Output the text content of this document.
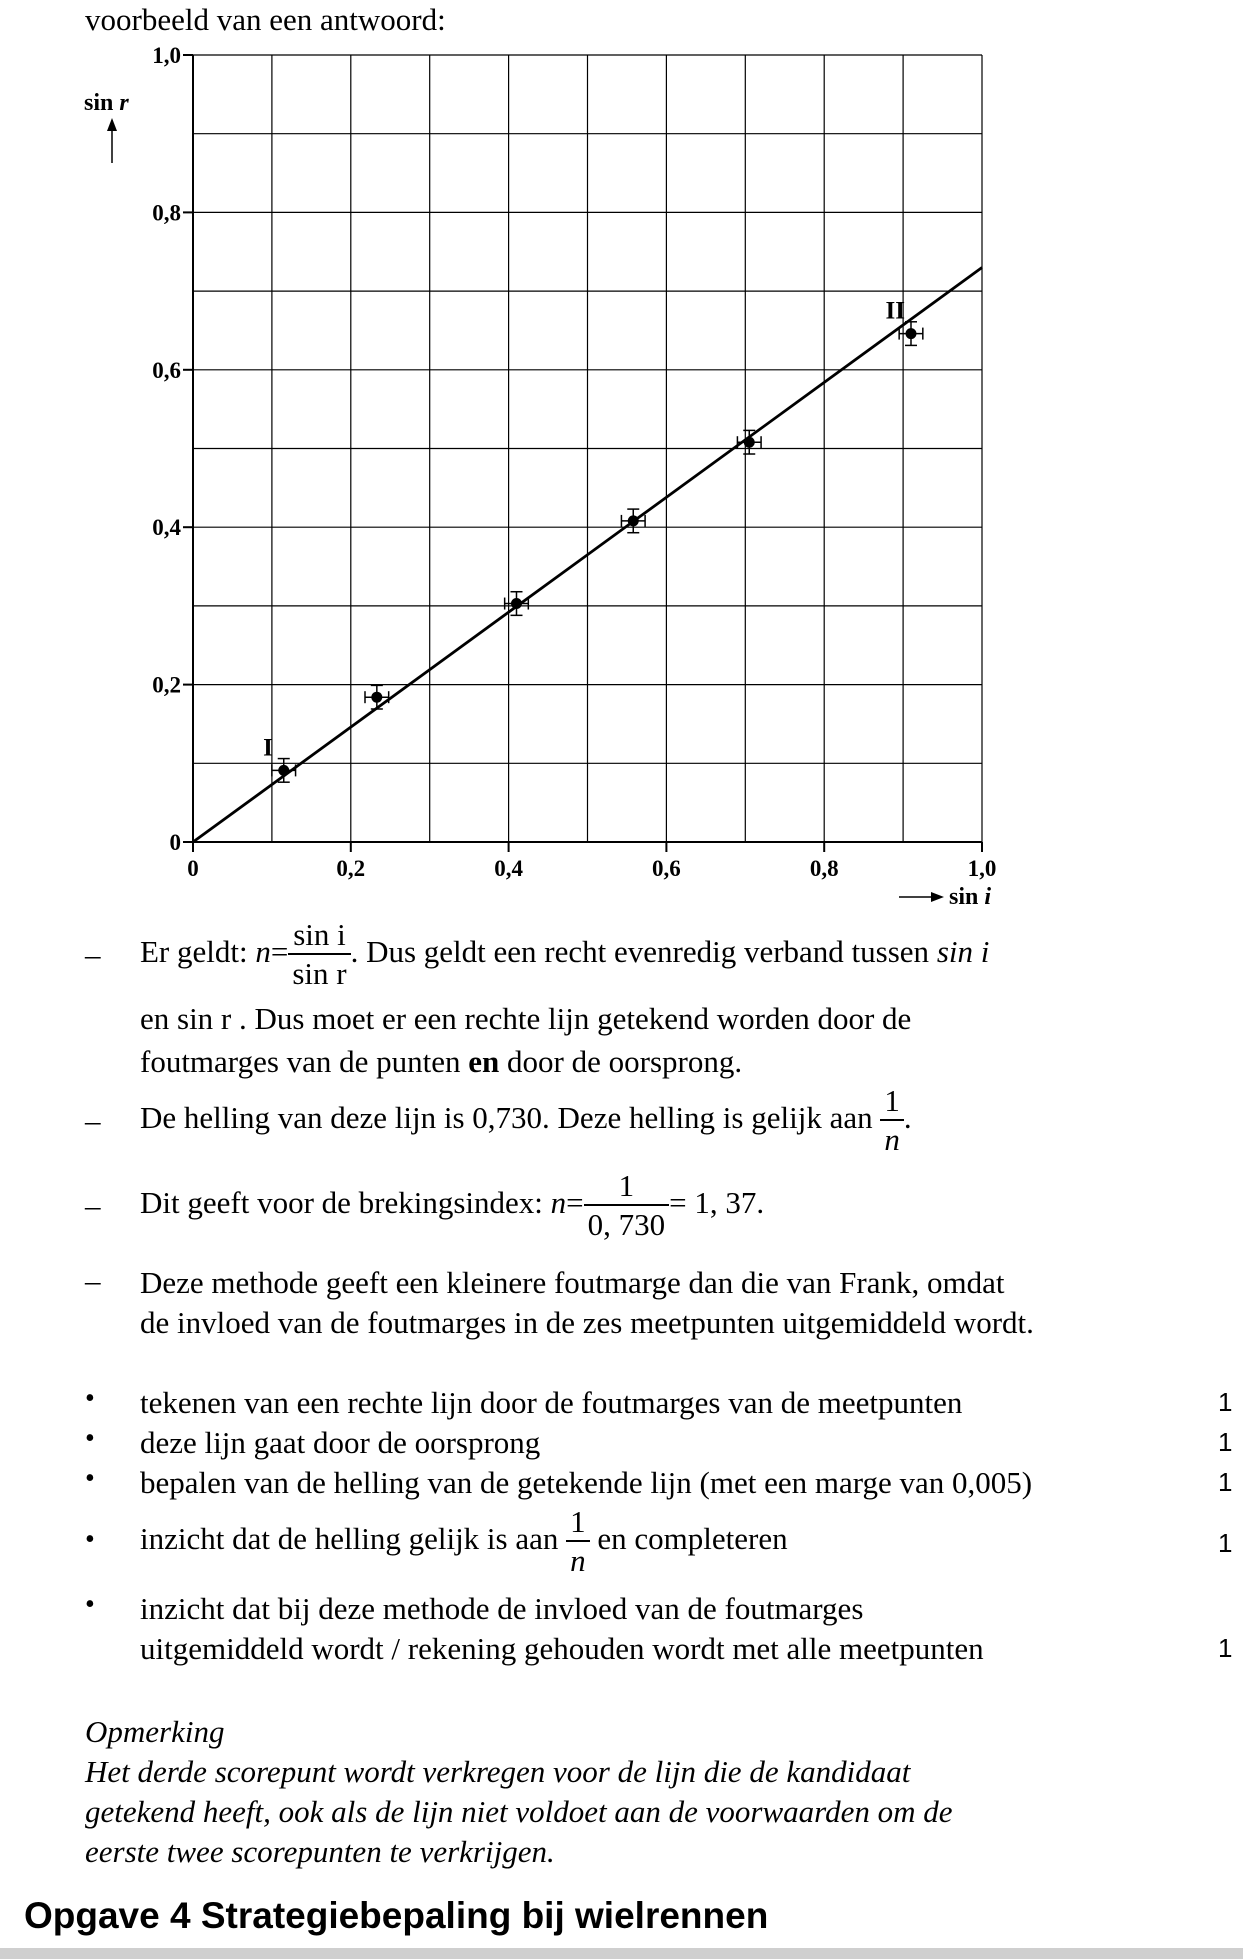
voorbeeld van een antwoord:
0	0,2	0,4	0,6	0,8	1,0
0
0,2
0,4
0,6
0,8
1,0
sin r
sin i
I
II
– Er geldt: $n= \frac{\text{sin i}}{\text{sin r}}$ . Dus geldt een recht evenredig verband tussen sin i
en sin r . Dus moet er een rechte lijn getekend worden door de
foutmarges van de punten en door de oorsprong.
– De helling van deze lijn is 0,730. Deze helling is gelijk aan $\frac{1}{n}$ .
– Dit geeft voor de brekingsindex: $n= \frac{1}{0, 730} = 1$, 37.
– Deze methode geeft een kleinere foutmarge dan die van Frank, omdat
de invloed van de foutmarges in de zes meetpunten uitgemiddeld wordt.
• tekenen van een rechte lijn door de foutmarges van de meetpunten	1
• deze lijn gaat door de oorsprong	1
• bepalen van de helling van de getekende lijn (met een marge van 0,005)	1
• inzicht dat de helling gelijk is aan $\frac{1}{n}$ en completeren	1
• inzicht dat bij deze methode de invloed van de foutmarges
uitgemiddeld wordt / rekening gehouden wordt met alle meetpunten	1
Opmerking
Het derde scorepunt wordt verkregen voor de lijn die de kandidaat
getekend heeft, ook als de lijn niet voldoet aan de voorwaarden om de
eerste twee scorepunten te verkrijgen.
Opgave 4 Strategiebepaling bij wielrennen
